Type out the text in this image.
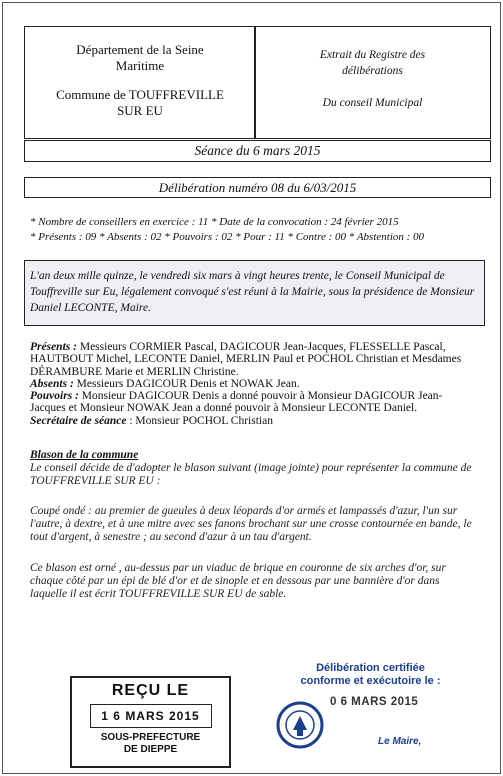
Département de la Seine
Maritime
Commune de TOUFFREVILLE
SUR EU
Extrait du Registre des
délibérations
Du conseil Municipal
Séance du 6 mars 2015
Délibération numéro 08 du 6/03/2015
* Nombre de conseillers en exercice : 11 * Date de la convocation : 24 février 2015
* Présents : 09 * Absents : 02 * Pouvoirs : 02 * Pour : 11 * Contre : 00 * Abstention : 00
L'an deux mille quinze, le vendredi six mars à vingt heures trente, le Conseil Municipal de Touffreville sur Eu, légalement convoqué s'est réuni à la Mairie, sous la présidence de Monsieur Daniel LECONTE, Maire.
Présents : Messieurs CORMIER Pascal, DAGICOUR Jean-Jacques, FLESSELLE Pascal, HAUTBOUT Michel, LECONTE Daniel, MERLIN Paul et POCHOL Christian et Mesdames DÉRAMBURE Marie et MERLIN Christine.
Absents : Messieurs DAGICOUR Denis et NOWAK Jean.
Pouvoirs : Monsieur DAGICOUR Denis a donné pouvoir à Monsieur DAGICOUR Jean-Jacques et Monsieur NOWAK Jean a donné pouvoir à Monsieur LECONTE Daniel.
Secrétaire de séance : Monsieur POCHOL Christian
Blason de la commune
Le conseil décide de d'adopter le blason suivant (image jointe) pour représenter la commune de TOUFFREVILLE SUR EU :
Coupé ondé : au premier de gueules à deux léopards d'or armés et lampassés d'azur, l'un sur l'autre, à dextre, et à une mitre avec ses fanons brochant sur une crosse contournée en bande, le tout d'argent, à senestre ; au second d'azur à un tau d'argent.
Ce blason est orné , au-dessus par un viaduc de brique en couronne de six arches d'or, sur chaque côté par un épi de blé d'or et de sinople et en dessous par une bannière d'or dans laquelle il est écrit TOUFFREVILLE SUR EU de sable.
Délibération certifiée
conforme et exécutoire le :
0 6 MARS 2015
Le Maire,
REÇU LE
1 6 MARS 2015
SOUS-PREFECTURE
DE DIEPPE
